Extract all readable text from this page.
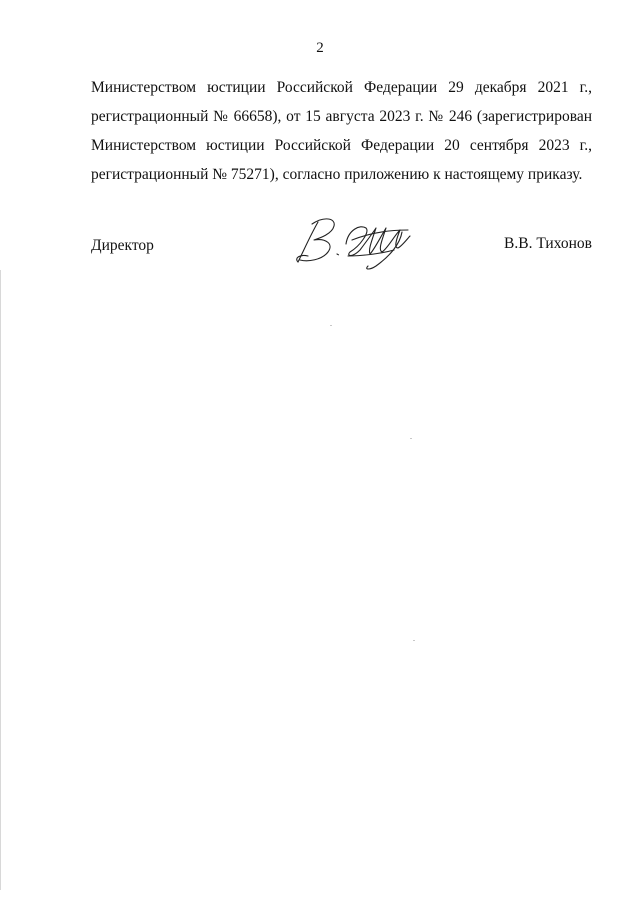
2
Министерством юстиции Российской Федерации 29 декабря 2021 г.,
регистрационный № 66658), от 15 августа 2023 г. № 246 (зарегистрирован
Министерством юстиции Российской Федерации 20 сентября 2023 г.,
регистрационный № 75271), согласно приложению к настоящему приказу.
Директор	В.В. Тихонов
